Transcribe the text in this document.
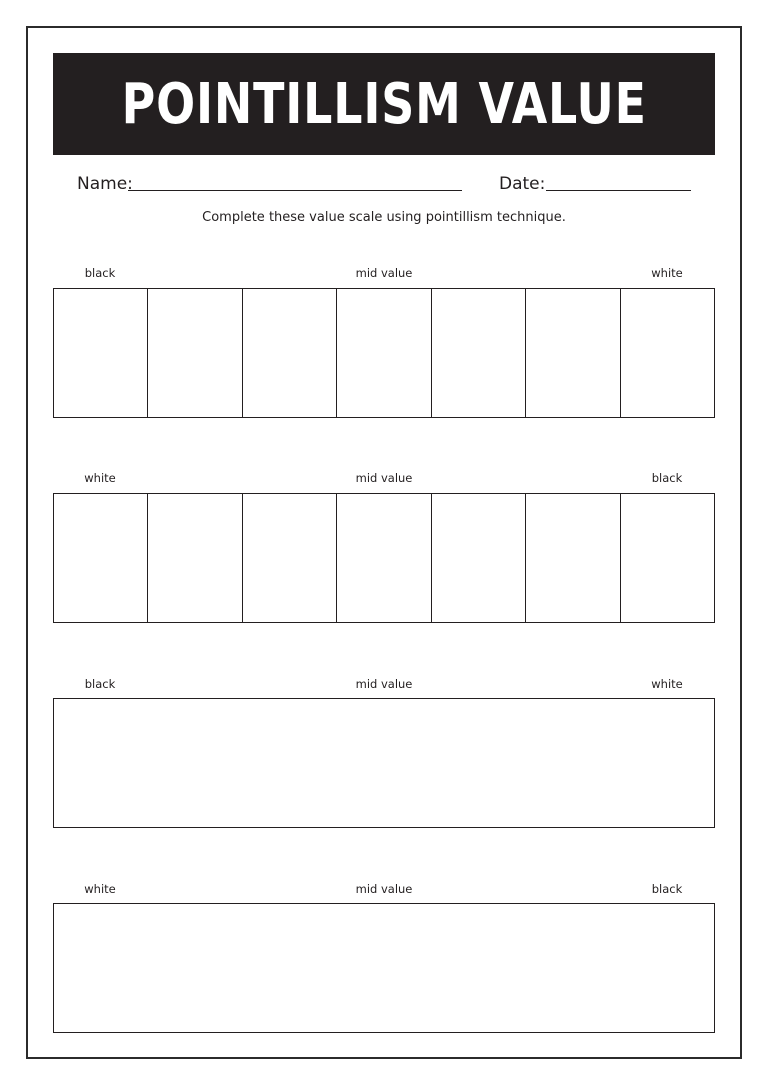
POINTILLISM VALUE
Name:	Date:
Complete these value scale using pointillism technique.
black	mid value	white
white	mid value	black
black	mid value	white
white	mid value	black
